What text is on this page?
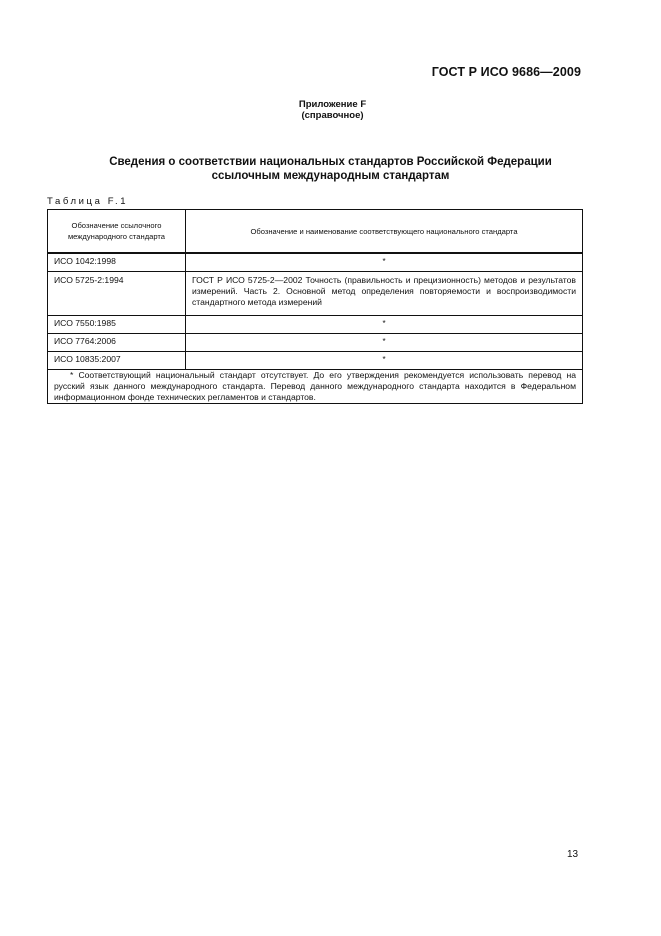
ГОСТ Р ИСО 9686—2009
Приложение F
(справочное)
Сведения о соответствии национальных стандартов Российской Федерации
ссылочным международным стандартам
Таблица F.1
Обозначение ссылочного
международного стандарта	Обозначение и наименование соответствующего национального стандарта
ИСО 1042:1998	*
ИСО 5725-2:1994	ГОСТ Р ИСО 5725-2—2002 Точность (правильность и прецизионность) методов и результатов измерений. Часть 2. Основной метод определения повторяемости и воспроизводимости стандартного метода измерений
ИСО 7550:1985	*
ИСО 7764:2006	*
ИСО 10835:2007	*
* Соответствующий национальный стандарт отсутствует. До его утверждения рекомендуется использовать перевод на русский язык данного международного стандарта. Перевод данного международного стандарта находится в Федеральном информационном фонде технических регламентов и стандартов.	
13
